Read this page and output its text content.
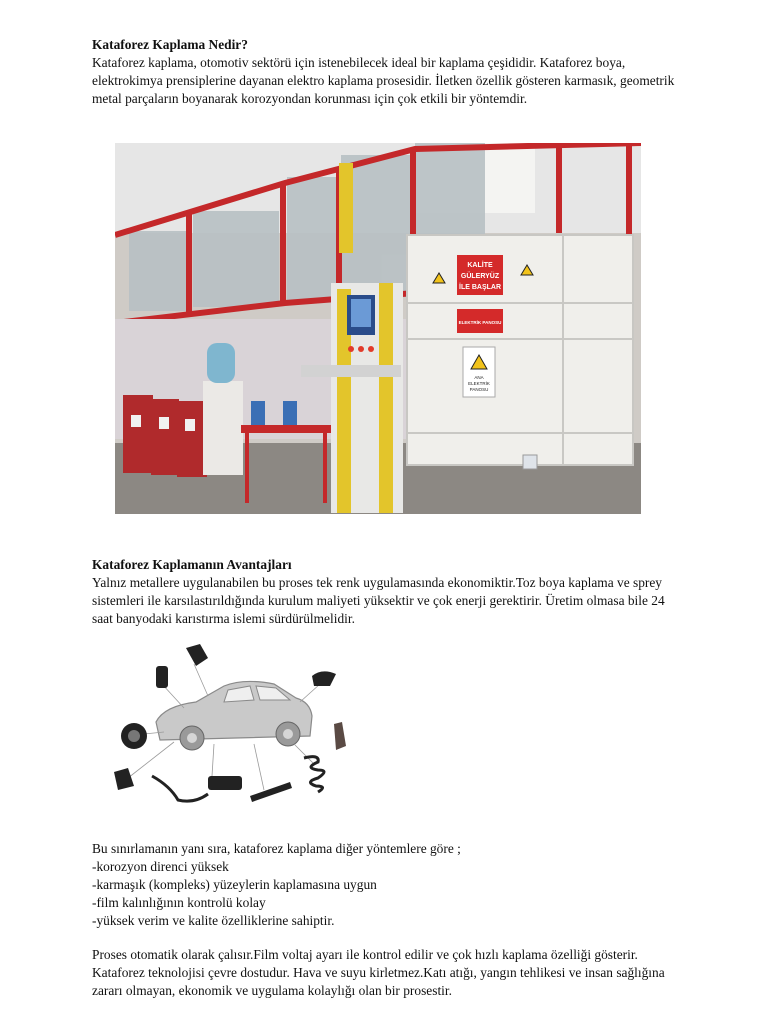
Kataforez Kaplama Nedir?
Kataforez kaplama, otomotiv sektörü için istenebilecek ideal bir kaplama çeşididir. Kataforez boya, elektrokimya prensiplerine dayanan elektro kaplama prosesidir. İletken özellik gösteren karmasık, geometrik metal parçaların boyanarak korozyondan korunması için çok etkili bir yöntemdir.
KALİTE
GÜLERYÜZ
İLE BAŞLAR
ELEKTRİK PANOSU
ANA
ELEKTRİK
PANOSU
Kataforez Kaplamanın Avantajları
Yalnız metallere uygulanabilen bu proses tek renk uygulamasında ekonomiktir.Toz boya kaplama ve sprey sistemleri ile karsılastırıldığında kurulum maliyeti yüksektir ve çok enerji gerektirir. Üretim olmasa bile 24 saat banyodaki karıstırma islemi sürdürülmelidir.
Bu sınırlamanın yanı sıra, kataforez kaplama diğer yöntemlere göre ;
-korozyon direnci yüksek
-karmaşık (kompleks) yüzeylerin kaplamasına uygun
-film kalınlığının kontrolü kolay
-yüksek verim ve kalite özelliklerine sahiptir.
Proses otomatik olarak çalısır.Film voltaj ayarı ile kontrol edilir ve çok hızlı kaplama özelliği gösterir. Kataforez teknolojisi çevre dostudur. Hava ve suyu kirletmez.Katı atığı, yangın tehlikesi ve insan sağlığına zararı olmayan, ekonomik ve uygulama kolaylığı olan bir prosestir.
